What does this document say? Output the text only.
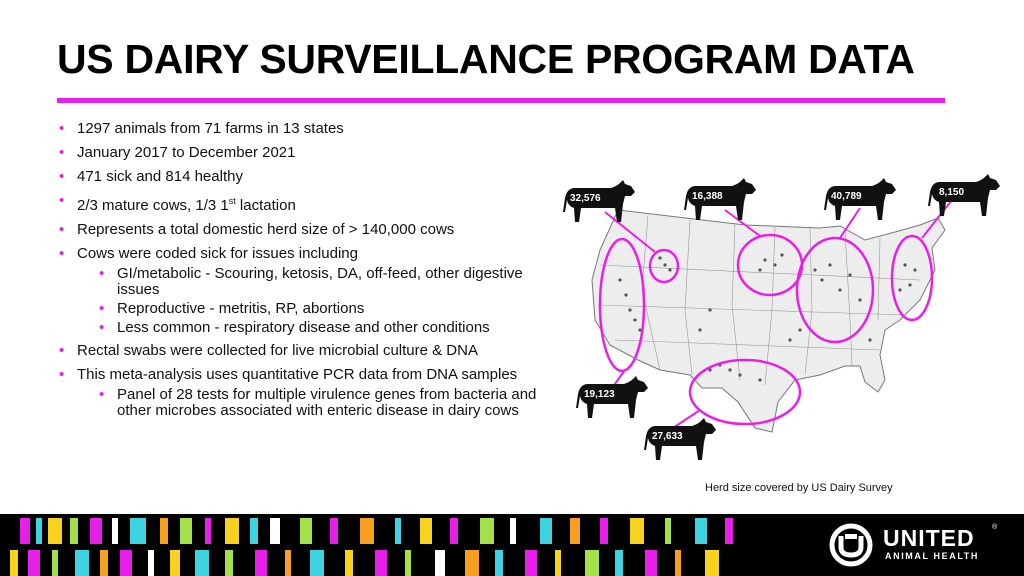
US DAIRY SURVEILLANCE PROGRAM DATA
• 1297 animals from 71 farms in 13 states
• January 2017 to December 2021
• 471 sick and 814 healthy
• 2/3 mature cows, 1/3 1st lactation
• Represents a total domestic herd size of > 140,000 cows
• Cows were coded sick for issues including
• GI/metabolic - Scouring, ketosis, DA, off-feed, other digestive issues
• Reproductive - metritis, RP, abortions
• Less common - respiratory disease and other conditions
• Rectal swabs were collected for live microbial culture & DNA
• This meta-analysis uses quantitative PCR data from DNA samples
• Panel of 28 tests for multiple virulence genes from bacteria and other microbes associated with enteric disease in dairy cows
32,576	16,388	40,789	8,150
19,123
27,633
Herd size covered by US Dairy Survey
UNITED ®
ANIMAL HEALTH
